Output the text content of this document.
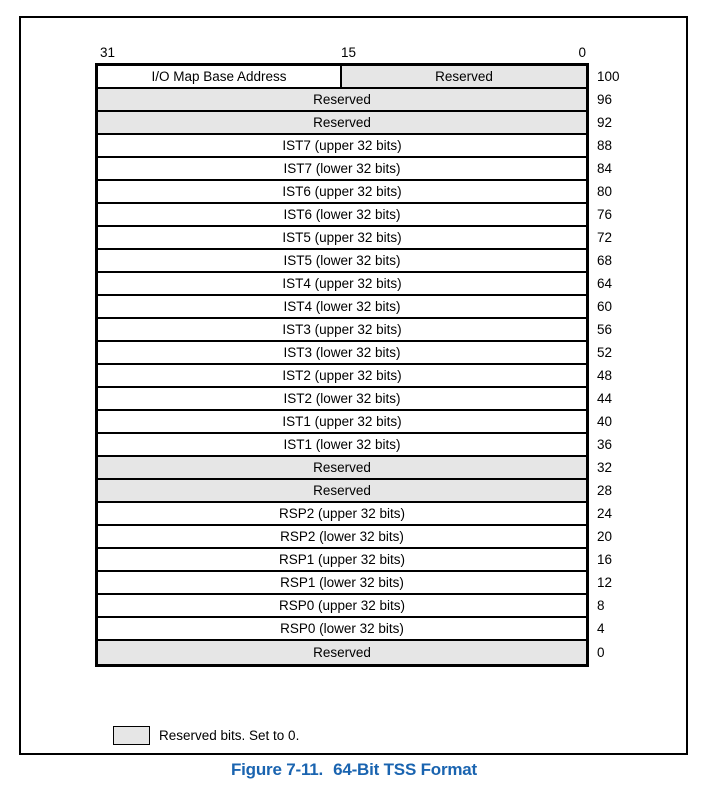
31	15	0
I/O Map Base Address	Reserved	100
Reserved	96
Reserved	92
IST7 (upper 32 bits)	88
IST7 (lower 32 bits)	84
IST6 (upper 32 bits)	80
IST6 (lower 32 bits)	76
IST5 (upper 32 bits)	72
IST5 (lower 32 bits)	68
IST4 (upper 32 bits)	64
IST4 (lower 32 bits)	60
IST3 (upper 32 bits)	56
IST3 (lower 32 bits)	52
IST2 (upper 32 bits)	48
IST2 (lower 32 bits)	44
IST1 (upper 32 bits)	40
IST1 (lower 32 bits)	36
Reserved	32
Reserved	28
RSP2 (upper 32 bits)	24
RSP2 (lower 32 bits)	20
RSP1 (upper 32 bits)	16
RSP1 (lower 32 bits)	12
RSP0 (upper 32 bits)	8
RSP0 (lower 32 bits)	4
Reserved	0
Reserved bits. Set to 0.
Figure 7-11. 64-Bit TSS Format
